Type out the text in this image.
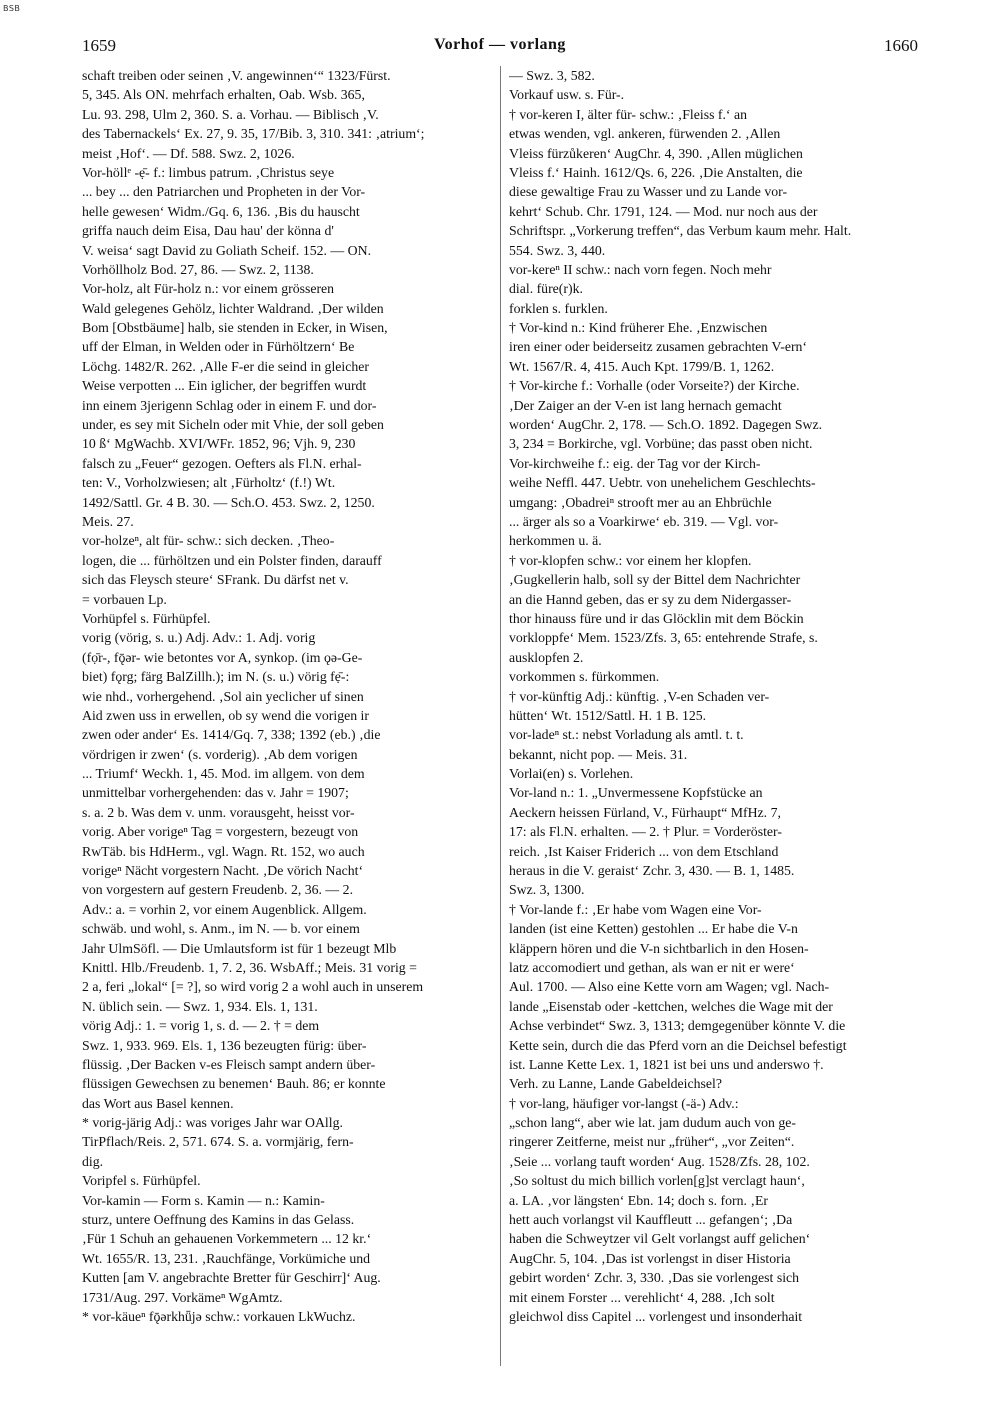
BSB
1659	Vorhof — vorlang	1660
schaft treiben oder seinen ‚V. angewinnen‘“ 1323/Fürst.
5, 345. Als ON. mehrfach erhalten, Oab. Wsb. 365,
Lu. 93. 298, Ulm 2, 360. S. a. Vorhau. — Biblisch ‚V.
des Tabernackels‘ Ex. 27, 9. 35, 17/Bib. 3, 310. 341: ‚atrium‘;
meist ‚Hof‘. — Df. 588. Swz. 2, 1026.
Vor-höllᵉ -ẹ̄- f.: limbus patrum. ‚Christus seye
... bey ... den Patriarchen und Propheten in der Vor-
helle gewesen‘ Widm./Gq. 6, 136. ‚Bis du hauscht
griffa nauch deim Eisa, Dau hau' der könna d'
V. weisa‘ sagt David zu Goliath Scheif. 152. — ON.
Vorhöllholz Bod. 27, 86. — Swz. 2, 1138.
Vor-holz, alt Für-holz n.: vor einem grösseren
Wald gelegenes Gehölz, lichter Waldrand. ‚Der wilden
Bom [Obstbäume] halb, sie stenden in Ecker, in Wisen,
uff der Elman, in Welden oder in Fürhöltzern‘ Be
Löchg. 1482/R. 262. ‚Alle F-er die seind in gleicher
Weise verpotten ... Ein iglicher, der begriffen wurdt
inn einem 3jerigenn Schlag oder in einem F. und dor-
under, es sey mit Sicheln oder mit Vhie, der soll geben
10 ß‘ MgWachb. XVI/WFr. 1852, 96; Vjh. 9, 230
falsch zu „Feuer“ gezogen. Oefters als Fl.N. erhal-
ten: V., Vorholzwiesen; alt ‚Fürholtz‘ (f.!) Wt.
1492/Sattl. Gr. 4 B. 30. — Sch.O. 453. Swz. 2, 1250.
Meis. 27.
vor-holzeⁿ, alt für- schw.: sich decken. ‚Theo-
logen, die ... fürhöltzen und ein Polster finden, darauff
sich das Fleysch steure‘ SFrank. Du därfst net v.
= vorbauen Lp.
Vorhüpfel s. Fürhüpfel.
vorig (vörig, s. u.) Adj. Adv.: 1. Adj. vorig
(fọ̄r-, fǭər- wie betontes vor A, synkop. (im ǫə-Ge-
biet) fǫrg; färg BalZillh.); im N. (s. u.) vörig fẹ̄-:
wie nhd., vorhergehend. ‚Sol ain yeclicher uf sinen
Aid zwen uss in erwellen, ob sy wend die vorigen ir
zwen oder ander‘ Es. 1414/Gq. 7, 338; 1392 (eb.) ‚die
vördrigen ir zwen‘ (s. vorderig). ‚Ab dem vorigen
... Triumf‘ Weckh. 1, 45. Mod. im allgem. von dem
unmittelbar vorhergehenden: das v. Jahr = 1907;
s. a. 2 b. Was dem v. unm. vorausgeht, heisst vor-
vorig. Aber vorigeⁿ Tag = vorgestern, bezeugt von
RwTäb. bis HdHerm., vgl. Wagn. Rt. 152, wo auch
vorigeⁿ Nächt vorgestern Nacht. ‚De vörich Nacht‘
von vorgestern auf gestern Freudenb. 2, 36. — 2.
Adv.: a. = vorhin 2, vor einem Augenblick. Allgem.
schwäb. und wohl, s. Anm., im N. — b. vor einem
Jahr UlmSöfl. — Die Umlautsform ist für 1 bezeugt Mlb
Knittl. Hlb./Freudenb. 1, 7. 2, 36. WsbAff.; Meis. 31 vorig =
2 a, feri „lokal“ [= ?], so wird vorig 2 a wohl auch in unserem
N. üblich sein. — Swz. 1, 934. Els. 1, 131.
vörig Adj.: 1. = vorig 1, s. d. — 2. † = dem
Swz. 1, 933. 969. Els. 1, 136 bezeugten fürig: über-
flüssig. ‚Der Backen v-es Fleisch sampt andern über-
flüssigen Gewechsen zu benemen‘ Bauh. 86; er konnte
das Wort aus Basel kennen.
* vorig-järig Adj.: was voriges Jahr war OAllg.
TirPflach/Reis. 2, 571. 674. S. a. vormjärig, fern-
dig.
Voripfel s. Fürhüpfel.
Vor-kamin — Form s. Kamin — n.: Kamin-
sturz, untere Oeffnung des Kamins in das Gelass.
‚Für 1 Schuh an gehauenen Vorkemmetern ... 12 kr.‘
Wt. 1655/R. 13, 231. ‚Rauchfänge, Vorkümiche und
Kutten [am V. angebrachte Bretter für Geschirr]‘ Aug.
1731/Aug. 297. Vorkämeⁿ WgAmtz.
* vor-käueⁿ fǭərkhǖjə schw.: vorkauen LkWuchz.
— Swz. 3, 582.
Vorkauf usw. s. Für-.
† vor-keren I, älter für- schw.: ‚Fleiss f.‘ an
etwas wenden, vgl. ankeren, fürwenden 2. ‚Allen
Vleiss fürzůkeren‘ AugChr. 4, 390. ‚Allen müglichen
Vleiss f.‘ Hainh. 1612/Qs. 6, 226. ‚Die Anstalten, die
diese gewaltige Frau zu Wasser und zu Lande vor-
kehrt‘ Schub. Chr. 1791, 124. — Mod. nur noch aus der
Schriftspr. „Vorkerung treffen“, das Verbum kaum mehr. Halt.
554. Swz. 3, 440.
vor-kereⁿ II schw.: nach vorn fegen. Noch mehr
dial. füre(r)k.
forklen s. furklen.
† Vor-kind n.: Kind früherer Ehe. ‚Enzwischen
iren einer oder beiderseitz zusamen gebrachten V-ern‘
Wt. 1567/R. 4, 415. Auch Kpt. 1799/B. 1, 1262.
† Vor-kirche f.: Vorhalle (oder Vorseite?) der Kirche.
‚Der Zaiger an der V-en ist lang hernach gemacht
worden‘ AugChr. 2, 178. — Sch.O. 1892. Dagegen Swz.
3, 234 = Borkirche, vgl. Vorbüne; das passt oben nicht.
Vor-kirchweihe f.: eig. der Tag vor der Kirch-
weihe Neffl. 447. Uebtr. von unehelichem Geschlechts-
umgang: ‚Obadreiⁿ strooft mer au an Ehbrüchle
... ärger als so a Voarkirwe‘ eb. 319. — Vgl. vor-
herkommen u. ä.
† vor-klopfen schw.: vor einem her klopfen.
‚Gugkellerin halb, soll sy der Bittel dem Nachrichter
an die Hannd geben, das er sy zu dem Nidergasser-
thor hinauss füre und ir das Glöcklin mit dem Böckin
vorkloppfe‘ Mem. 1523/Zfs. 3, 65: entehrende Strafe, s.
ausklopfen 2.
vorkommen s. fürkommen.
† vor-künftig Adj.: künftig. ‚V-en Schaden ver-
hütten‘ Wt. 1512/Sattl. H. 1 B. 125.
vor-ladeⁿ st.: nebst Vorladung als amtl. t. t.
bekannt, nicht pop. — Meis. 31.
Vorlai(en) s. Vorlehen.
Vor-land n.: 1. „Unvermessene Kopfstücke an
Aeckern heissen Fürland, V., Fürhaupt“ MfHz. 7,
17: als Fl.N. erhalten. — 2. † Plur. = Vorderöster-
reich. ‚Ist Kaiser Friderich ... von dem Etschland
heraus in die V. geraist‘ Zchr. 3, 430. — B. 1, 1485.
Swz. 3, 1300.
† Vor-lande f.: ‚Er habe vom Wagen eine Vor-
landen (ist eine Ketten) gestohlen ... Er habe die V-n
kläppern hören und die V-n sichtbarlich in den Hosen-
latz accomodiert und gethan, als wan er nit er were‘
Aul. 1700. — Also eine Kette vorn am Wagen; vgl. Nach-
lande „Eisenstab oder -kettchen, welches die Wage mit der
Achse verbindet“ Swz. 3, 1313; demgegenüber könnte V. die
Kette sein, durch die das Pferd vorn an die Deichsel befestigt
ist. Lanne Kette Lex. 1, 1821 ist bei uns und anderswo †.
Verh. zu Lanne, Lande Gabeldeichsel?
† vor-lang, häufiger vor-langst (-ä-) Adv.:
„schon lang“, aber wie lat. jam dudum auch von ge-
ringerer Zeitferne, meist nur „früher“, „vor Zeiten“.
‚Seie ... vorlang tauft worden‘ Aug. 1528/Zfs. 28, 102.
‚So soltust du mich billich vorlen[g]st verclagt haun‘,
a. LA. ‚vor längsten‘ Ebn. 14; doch s. forn. ‚Er
hett auch vorlangst vil Kauffleutt ... gefangen‘; ‚Da
haben die Schweytzer vil Gelt vorlangst auff gelichen‘
AugChr. 5, 104. ‚Das ist vorlengst in diser Historia
gebirt worden‘ Zchr. 3, 330. ‚Das sie vorlengest sich
mit einem Forster ... verehlicht‘ 4, 288. ‚Ich solt
gleichwol diss Capitel ... vorlengest und insonderhait
